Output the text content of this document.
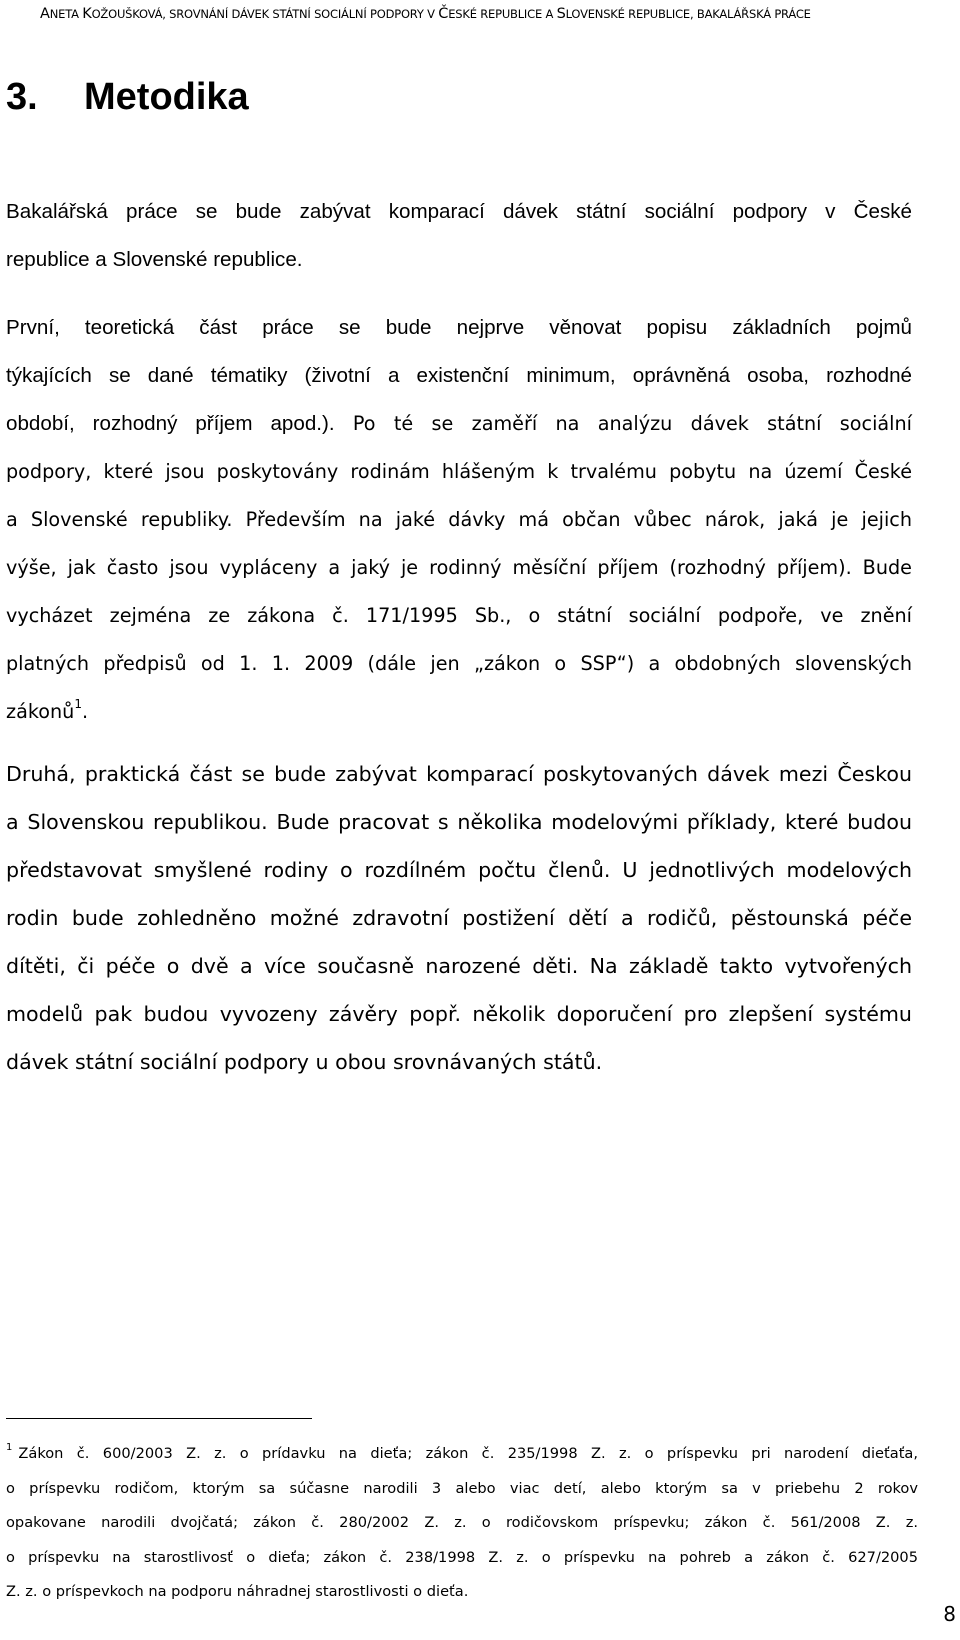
ANETA KOŽOUŠKOVÁ, SROVNÁNÍ DÁVEK STÁTNÍ SOCIÁLNÍ PODPORY V ČESKÉ REPUBLICE A SLOVENSKÉ REPUBLICE, BAKALÁŘSKÁ PRÁCE
3. Metodika
Bakalářská práce se bude zabývat komparací dávek státní sociální podpory v České
republice a Slovenské republice.
První, teoretická část práce se bude nejprve věnovat popisu základních pojmů
týkajících se dané tématiky (životní a existenční minimum, oprávněná osoba, rozhodné
období, rozhodný příjem apod.). Po té se zaměří na analýzu dávek státní sociální
podpory, které jsou poskytovány rodinám hlášeným k trvalému pobytu na území České
a Slovenské republiky. Především na jaké dávky má občan vůbec nárok, jaká je jejich
výše, jak často jsou vypláceny a jaký je rodinný měsíční příjem (rozhodný příjem). Bude
vycházet zejména ze zákona č. 171/1995 Sb., o státní sociální podpoře, ve znění
platných předpisů od 1. 1. 2009 (dále jen „zákon o SSP“) a obdobných slovenských
zákonů$^1$.
Druhá, praktická část se bude zabývat komparací poskytovaných dávek mezi Českou
a Slovenskou republikou. Bude pracovat s několika modelovými příklady, které budou
představovat smyšlené rodiny o rozdílném počtu členů. U jednotlivých modelových
rodin bude zohledněno možné zdravotní postižení dětí a rodičů, pěstounská péče
dítěti, či péče o dvě a více současně narozené děti. Na základě takto vytvořených
modelů pak budou vyvozeny závěry popř. několik doporučení pro zlepšení systému
dávek státní sociální podpory u obou srovnávaných států.
$^1$ Zákon č. 600/2003 Z. z. o prídavku na dieťa; zákon č. 235/1998 Z. z. o príspevku pri narodení dieťaťa,
o príspevku rodičom, ktorým sa súčasne narodili 3 alebo viac detí, alebo ktorým sa v priebehu 2 rokov
opakovane narodili dvojčatá; zákon č. 280/2002 Z. z. o rodičovskom príspevku; zákon č. 561/2008 Z. z.
o príspevku na starostlivosť o dieťa; zákon č. 238/1998 Z. z. o príspevku na pohreb a zákon č. 627/2005
Z. z. o príspevkoch na podporu náhradnej starostlivosti o dieťa.
8
